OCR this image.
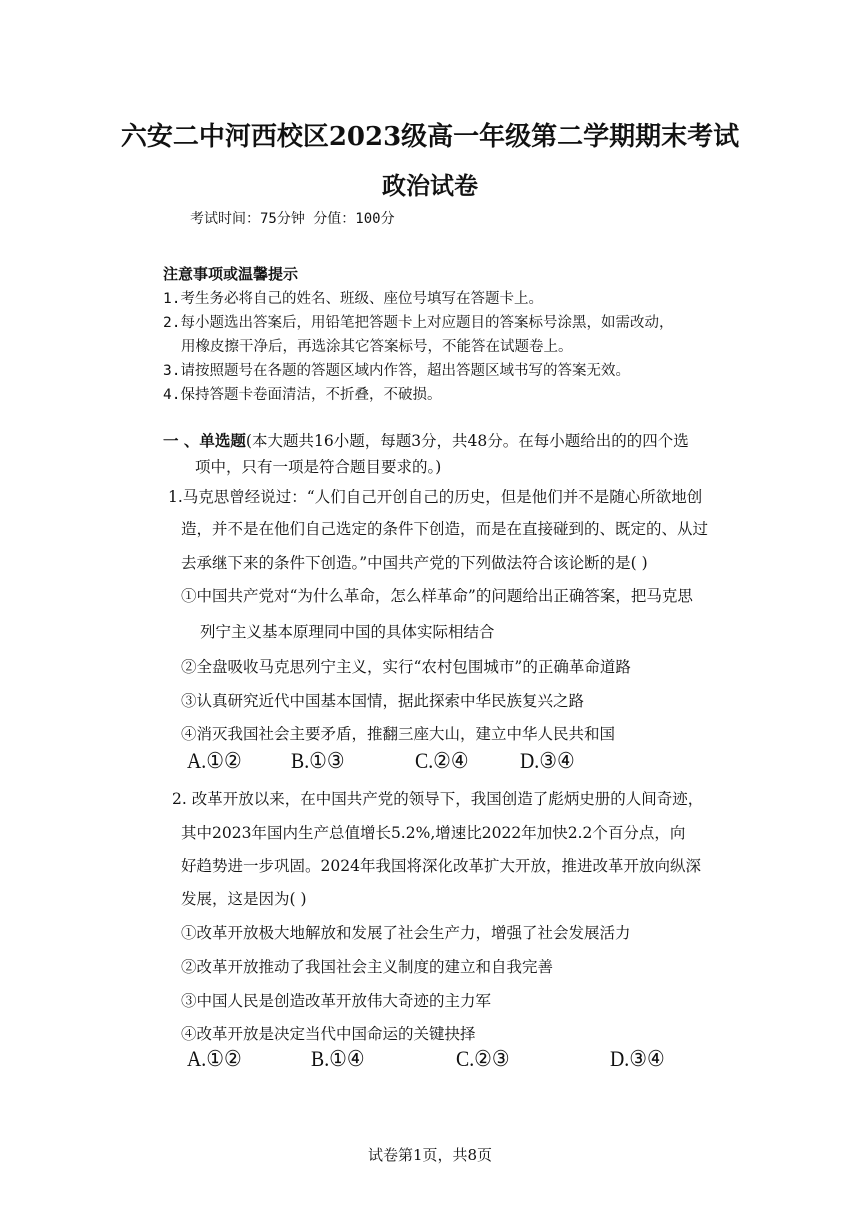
六安二中河西校区2023级高一年级第二学期期末考试
政治试卷
考试时间：75分钟 分值：100分
注意事项或温馨提示
1.考生务必将自己的姓名、班级、座位号填写在答题卡上。
2.每小题选出答案后，用铅笔把答题卡上对应题目的答案标号涂黑，如需改动，
用橡皮擦干净后，再选涂其它答案标号，不能答在试题卷上。
3.请按照题号在各题的答题区域内作答，超出答题区域书写的答案无效。
4.保持答题卡卷面清洁，不折叠，不破损。
一 、单选题(本大题共16小题，每题3分，共48分。在每小题给出的的四个选
项中，只有一项是符合题目要求的。)
1.马克思曾经说过：“人们自己开创自己的历史，但是他们并不是随心所欲地创
造，并不是在他们自己选定的条件下创造，而是在直接碰到的、既定的、从过
去承继下来的条件下创造。”中国共产党的下列做法符合该论断的是( )
①中国共产党对“为什么革命，怎么样革命”的问题给出正确答案，把马克思
列宁主义基本原理同中国的具体实际相结合
②全盘吸收马克思列宁主义，实行“农村包围城市”的正确革命道路
③认真研究近代中国基本国情，据此探索中华民族复兴之路
④消灭我国社会主要矛盾，推翻三座大山，建立中华人民共和国
A.①② B.①③	C.②④ D.③④
2. 改革开放以来，在中国共产党的领导下，我国创造了彪炳史册的人间奇迹，
其中2023年国内生产总值增长5.2%,增速比2022年加快2.2个百分点，向
好趋势进一步巩固。2024年我国将深化改革扩大开放，推进改革开放向纵深
发展，这是因为( )
①改革开放极大地解放和发展了社会生产力，增强了社会发展活力
②改革开放推动了我国社会主义制度的建立和自我完善
③中国人民是创造改革开放伟大奇迹的主力军
④改革开放是决定当代中国命运的关键抉择
A.①②	B.①④	C.②③	D.③④
试卷第1页，共8页
